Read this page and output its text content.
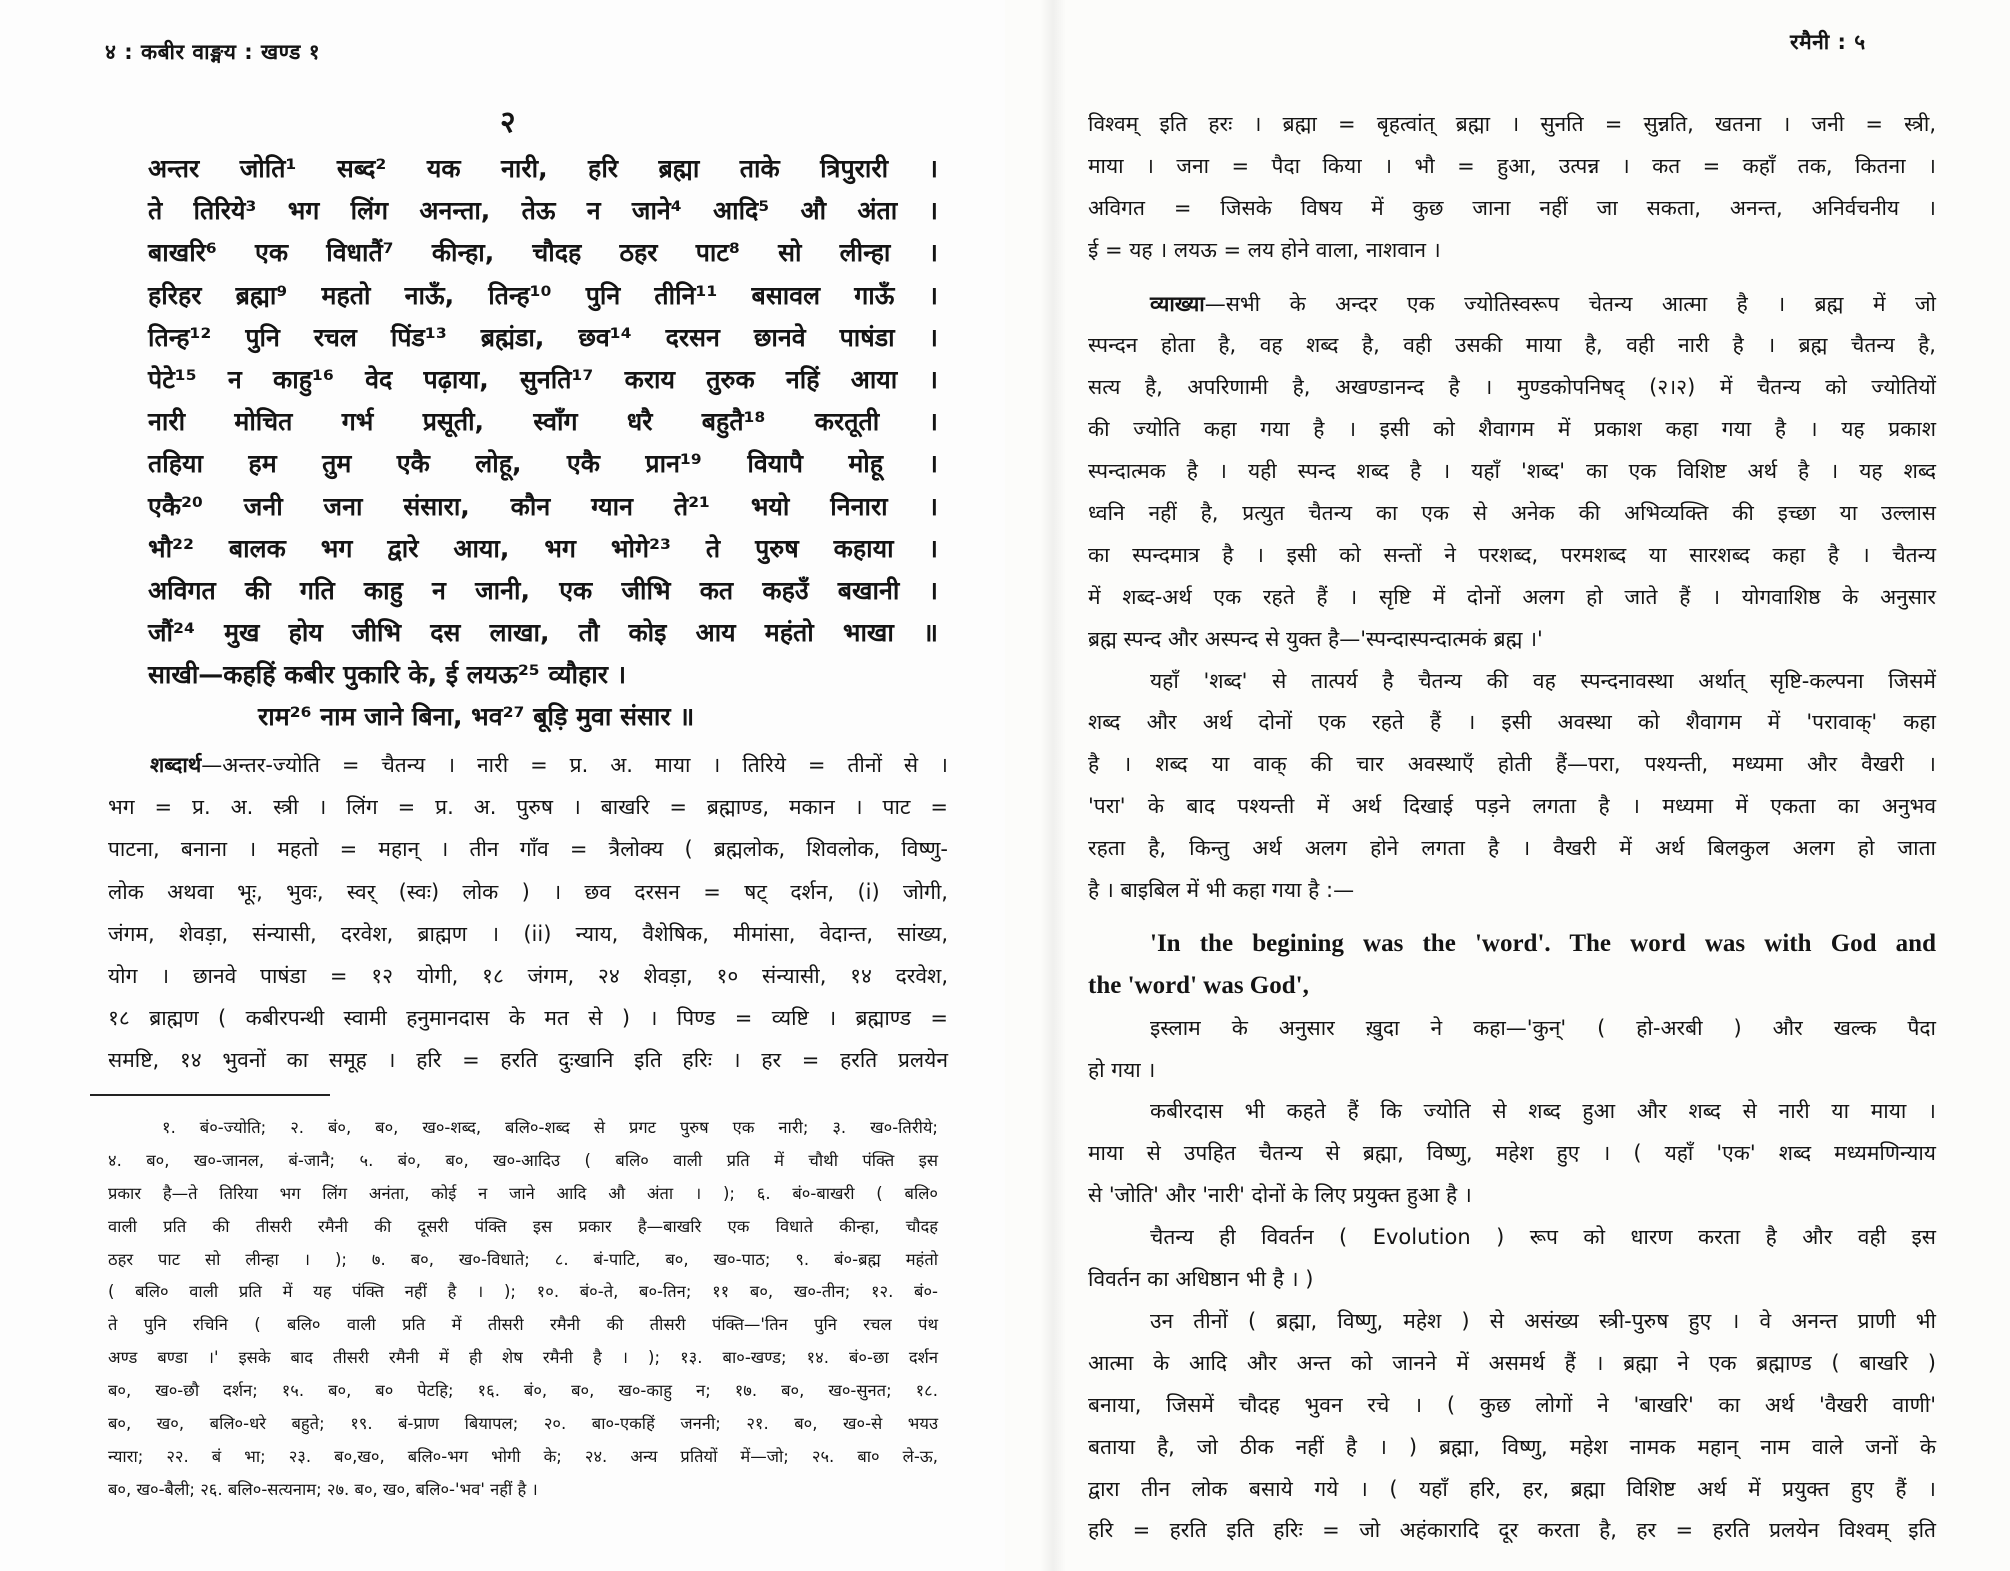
४ : कबीर वाङ्मय : खण्ड १
२
अन्तर जोति¹ सब्द² यक नारी, हरि ब्रह्मा ताके त्रिपुरारी ।
ते तिरिये³ भग लिंग अनन्ता, तेऊ न जाने⁴ आदि⁵ औ अंता ।
बाखरि⁶ एक विधातैं⁷ कीन्हा, चौदह ठहर पाट⁸ सो लीन्हा ।
हरिहर ब्रह्मा⁹ महतो नाऊँ, तिन्ह¹⁰ पुनि तीनि¹¹ बसावल गाऊँ ।
तिन्ह¹² पुनि रचल पिंड¹³ ब्रह्मंडा, छव¹⁴ दरसन छानवे पाषंडा ।
पेटे¹⁵ न काहु¹⁶ वेद पढ़ाया, सुनति¹⁷ कराय तुरुक नहिं आया ।
नारी मोचित गर्भ प्रसूती, स्वाँग धरै बहुतै¹⁸ करतूती ।
तहिया हम तुम एकै लोहू, एकै प्रान¹⁹ वियापै मोहू ।
एकै²⁰ जनी जना संसारा, कौन ग्यान ते²¹ भयो निनारा ।
भौ²² बालक भग द्वारे आया, भग भोगे²³ ते पुरुष कहाया ।
अविगत की गति काहु न जानी, एक जीभि कत कहउँ बखानी ।
जौं²⁴ मुख होय जीभि दस लाखा, तौ कोइ आय महंतो भाखा ॥
साखी—कहहिं कबीर पुकारि के, ई लयऊ²⁵ व्यौहार ।
राम²⁶ नाम जाने बिना, भव²⁷ बूड़ि मुवा संसार ॥
शब्दार्थ—अन्तर-ज्योति = चैतन्य । नारी = प्र. अ. माया । तिरिये = तीनों से ।
भग = प्र. अ. स्त्री । लिंग = प्र. अ. पुरुष । बाखरि = ब्रह्माण्ड, मकान । पाट =
पाटना, बनाना । महतो = महान् । तीन गाँव = त्रैलोक्य ( ब्रह्मलोक, शिवलोक, विष्णु-
लोक अथवा भूः, भुवः, स्वर् (स्वः) लोक ) । छव दरसन = षट् दर्शन, (i) जोगी,
जंगम, शेवड़ा, संन्यासी, दरवेश, ब्राह्मण । (ii) न्याय, वैशेषिक, मीमांसा, वेदान्त, सांख्य,
योग । छानवे पाषंडा = १२ योगी, १८ जंगम, २४ शेवड़ा, १० संन्यासी, १४ दरवेश,
१८ ब्राह्मण ( कबीरपन्थी स्वामी हनुमानदास के मत से ) । पिण्ड = व्यष्टि । ब्रह्माण्ड =
समष्टि, १४ भुवनों का समूह । हरि = हरति दुःखानि इति हरिः । हर = हरति प्रलयेन
१. बं०-ज्योति; २. बं०, ब०, ख०-शब्द, बलि०-शब्द से प्रगट पुरुष एक नारी; ३. ख०-तिरीये;
४. ब०, ख०-जानल, बं-जानै; ५. बं०, ब०, ख०-आदिउ ( बलि० वाली प्रति में चौथी पंक्ति इस
प्रकार है—ते तिरिया भग लिंग अनंता, कोई न जाने आदि औ अंता । ); ६. बं०-बाखरी ( बलि०
वाली प्रति की तीसरी रमैनी की दूसरी पंक्ति इस प्रकार है—बाखरि एक विधाते कीन्हा, चौदह
ठहर पाट सो लीन्हा । ); ७. ब०, ख०-विधाते; ८. बं-पाटि, ब०, ख०-पाठ; ९. बं०-ब्रह्म महंतो
( बलि० वाली प्रति में यह पंक्ति नहीं है । ); १०. बं०-ते, ब०-तिन; ११ ब०, ख०-तीन; १२. बं०-
ते पुनि रचिनि ( बलि० वाली प्रति में तीसरी रमैनी की तीसरी पंक्ति—'तिन पुनि रचल पंथ
अण्ड बण्डा ।' इसके बाद तीसरी रमैनी में ही शेष रमैनी है । ); १३. बा०-खण्ड; १४. बं०-छा दर्शन
ब०, ख०-छौ दर्शन; १५. ब०, ब० पेटहि; १६. बं०, ब०, ख०-काहु न; १७. ब०, ख०-सुनत; १८.
ब०, ख०, बलि०-धरे बहुते; १९. बं-प्राण बियापल; २०. बा०-एकहिं जननी; २१. ब०, ख०-से भयउ
न्यारा; २२. बं भा; २३. ब०,ख०, बलि०-भग भोगी के; २४. अन्य प्रतियों में—जो; २५. बा० ले-ऊ,
ब०, ख०-बैली; २६. बलि०-सत्यनाम; २७. ब०, ख०, बलि०-'भव' नहीं है ।
रमैनी : ५
विश्वम् इति हरः । ब्रह्मा = बृहत्वांत् ब्रह्मा । सुनति = सुन्नति, खतना । जनी = स्त्री,
माया । जना = पैदा किया । भौ = हुआ, उत्पन्न । कत = कहाँ तक, कितना ।
अविगत = जिसके विषय में कुछ जाना नहीं जा सकता, अनन्त, अनिर्वचनीय ।
ई = यह । लयऊ = लय होने वाला, नाशवान ।
व्याख्या—सभी के अन्दर एक ज्योतिस्वरूप चेतन्य आत्मा है । ब्रह्म में जो
स्पन्दन होता है, वह शब्द है, वही उसकी माया है, वही नारी है । ब्रह्म चैतन्य है,
सत्य है, अपरिणामी है, अखण्डानन्द है । मुण्डकोपनिषद् (२।२) में चैतन्य को ज्योतियों
की ज्योति कहा गया है । इसी को शैवागम में प्रकाश कहा गया है । यह प्रकाश
स्पन्दात्मक है । यही स्पन्द शब्द है । यहाँ 'शब्द' का एक विशिष्ट अर्थ है । यह शब्द
ध्वनि नहीं है, प्रत्युत चैतन्य का एक से अनेक की अभिव्यक्ति की इच्छा या उल्लास
का स्पन्दमात्र है । इसी को सन्तों ने परशब्द, परमशब्द या सारशब्द कहा है । चैतन्य
में शब्द-अर्थ एक रहते हैं । सृष्टि में दोनों अलग हो जाते हैं । योगवाशिष्ठ के अनुसार
ब्रह्म स्पन्द और अस्पन्द से युक्त है—'स्पन्दास्पन्दात्मकं ब्रह्म ।'
यहाँ 'शब्द' से तात्पर्य है चैतन्य की वह स्पन्दनावस्था अर्थात् सृष्टि-कल्पना जिसमें
शब्द और अर्थ दोनों एक रहते हैं । इसी अवस्था को शैवागम में 'परावाक्' कहा
है । शब्द या वाक् की चार अवस्थाएँ होती हैं—परा, पश्यन्ती, मध्यमा और वैखरी ।
'परा' के बाद पश्यन्ती में अर्थ दिखाई पड़ने लगता है । मध्यमा में एकता का अनुभव
रहता है, किन्तु अर्थ अलग होने लगता है । वैखरी में अर्थ बिलकुल अलग हो जाता
है । बाइबिल में भी कहा गया है :—
'In the begining was the 'word'. The word was with God and
the 'word' was God',
इस्लाम के अनुसार ख़ुदा ने कहा—'कुन्' ( हो-अरबी ) और खल्क पैदा
हो गया ।
कबीरदास भी कहते हैं कि ज्योति से शब्द हुआ और शब्द से नारी या माया ।
माया से उपहित चैतन्य से ब्रह्मा, विष्णु, महेश हुए । ( यहाँ 'एक' शब्द मध्यमणिन्याय
से 'जोति' और 'नारी' दोनों के लिए प्रयुक्त हुआ है ।
चैतन्य ही विवर्तन ( Evolution ) रूप को धारण करता है और वही इस
विवर्तन का अधिष्ठान भी है । )
उन तीनों ( ब्रह्मा, विष्णु, महेश ) से असंख्य स्त्री-पुरुष हुए । वे अनन्त प्राणी भी
आत्मा के आदि और अन्त को जानने में असमर्थ हैं । ब्रह्मा ने एक ब्रह्माण्ड ( बाखरि )
बनाया, जिसमें चौदह भुवन रचे । ( कुछ लोगों ने 'बाखरि' का अर्थ 'वैखरी वाणी'
बताया है, जो ठीक नहीं है । ) ब्रह्मा, विष्णु, महेश नामक महान् नाम वाले जनों के
द्वारा तीन लोक बसाये गये । ( यहाँ हरि, हर, ब्रह्मा विशिष्ट अर्थ में प्रयुक्त हुए हैं ।
हरि = हरति इति हरिः = जो अहंकारादि दूर करता है, हर = हरति प्रलयेन विश्वम् इति
